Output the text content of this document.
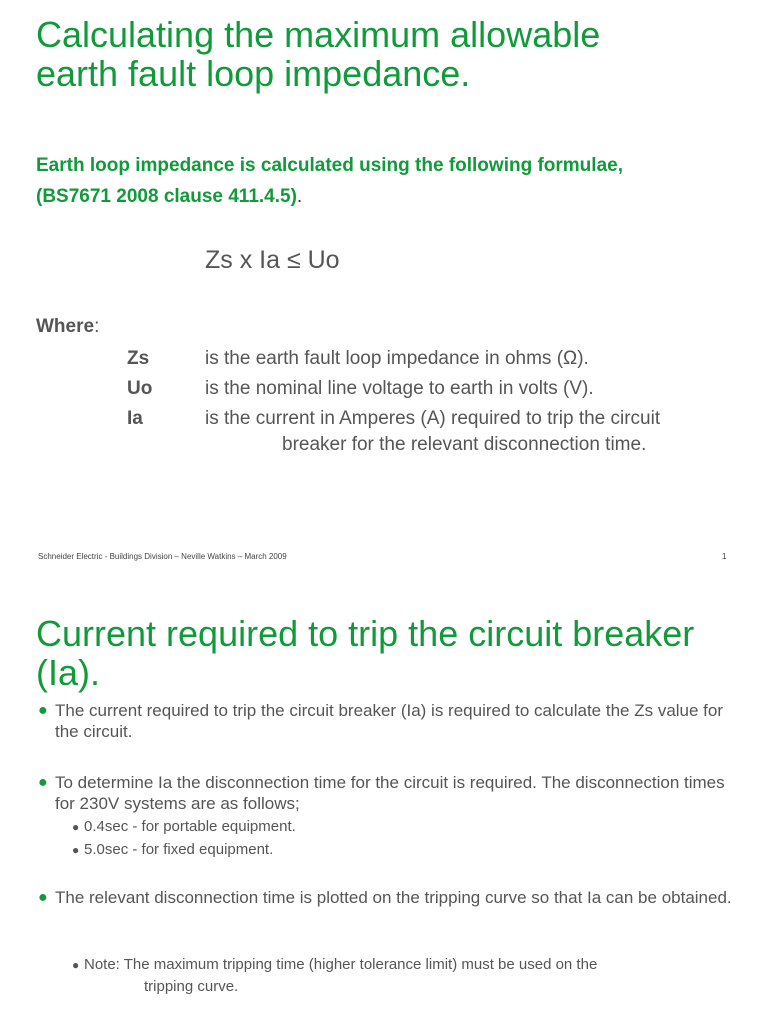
Calculating the maximum allowable
earth fault loop impedance.
Earth loop impedance is calculated using the following formulae,
(BS7671 2008 clause 411.4.5).
Zs x Ia ≤ Uo
Where:
Zs	is the earth fault loop impedance in ohms (Ω).
Uo	is the nominal line voltage to earth in volts (V).
Ia	is the current in Amperes (A) required to trip the circuit
breaker for the relevant disconnection time.
Schneider Electric - Buildings Division – Neville Watkins – March 2009	1
Current required to trip the circuit breaker (Ia).
● The current required to trip the circuit breaker (Ia) is required to calculate the Zs value for the circuit.
● To determine Ia the disconnection time for the circuit is required. The disconnection times for 230V systems are as follows;
● 0.4sec - for portable equipment.
● 5.0sec - for fixed equipment.
● The relevant disconnection time is plotted on the tripping curve so that Ia can be obtained.
● Note: The maximum tripping time (higher tolerance limit) must be used on the
tripping curve.
